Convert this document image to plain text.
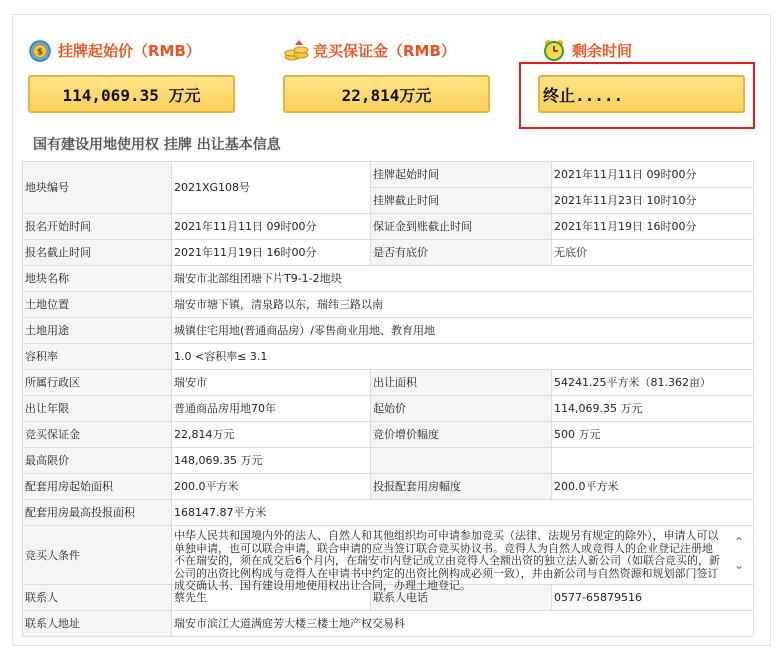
$ 挂牌起始价（RMB）
114,069.35 万元
竞买保证金（RMB）
22,814万元
剩余时间
终止.....
国有建设用地使用权 挂牌 出让基本信息
地块编号	2021XG108号	挂牌起始时间	2021年11月11日 09时00分
		挂牌截止时间	2021年11月23日 10时10分
报名开始时间	2021年11月11日 09时00分	保证金到账截止时间	2021年11月19日 16时00分
报名截止时间	2021年11月19日 16时00分	是否有底价	无底价
地块名称	瑞安市北部组团塘下片T9-1-2地块		
土地位置	瑞安市塘下镇，清泉路以东，瑞纬三路以南		
土地用途	城镇住宅用地(普通商品房）/零售商业用地、教育用地		
容积率	1.0 <容积率≤ 3.1		
所属行政区	瑞安市	出让面积	54241.25平方米（81.362亩）
出让年限	普通商品房用地70年	起始价	114,069.35 万元
竞买保证金	22,814万元	竞价增价幅度	500 万元
最高限价	148,069.35 万元		
配套用房起始面积	200.0平方米	投报配套用房幅度	200.0平方米
配套用房最高投报面积	168147.87平方米		
竞买人条件	中华人民共和国境内外的法人、自然人和其他组织均可申请参加竞买（法律、法规另有规定的除外），申请人可以单独申请，也可以联合申请，联合申请的应当签订联合竞买协议书。竞得人为自然人或竞得人的企业登记注册地不在瑞安的，须在成交后6个月内，在瑞安市内登记成立由竞得人全额出资的独立法人新公司（如联合竞买的，新公司的出资比例构成与竞得人在申请书中约定的出资比例构成必须一致），并由新公司与自然资源和规划部门签订成交确认书、国有建设用地使用权出让合同，办理土地登记。
⌃
⌄		

联系人	蔡先生	联系人电话	0577-65879516
联系人地址	瑞安市滨江大道满庭芳大楼三楼土地产权交易科		
